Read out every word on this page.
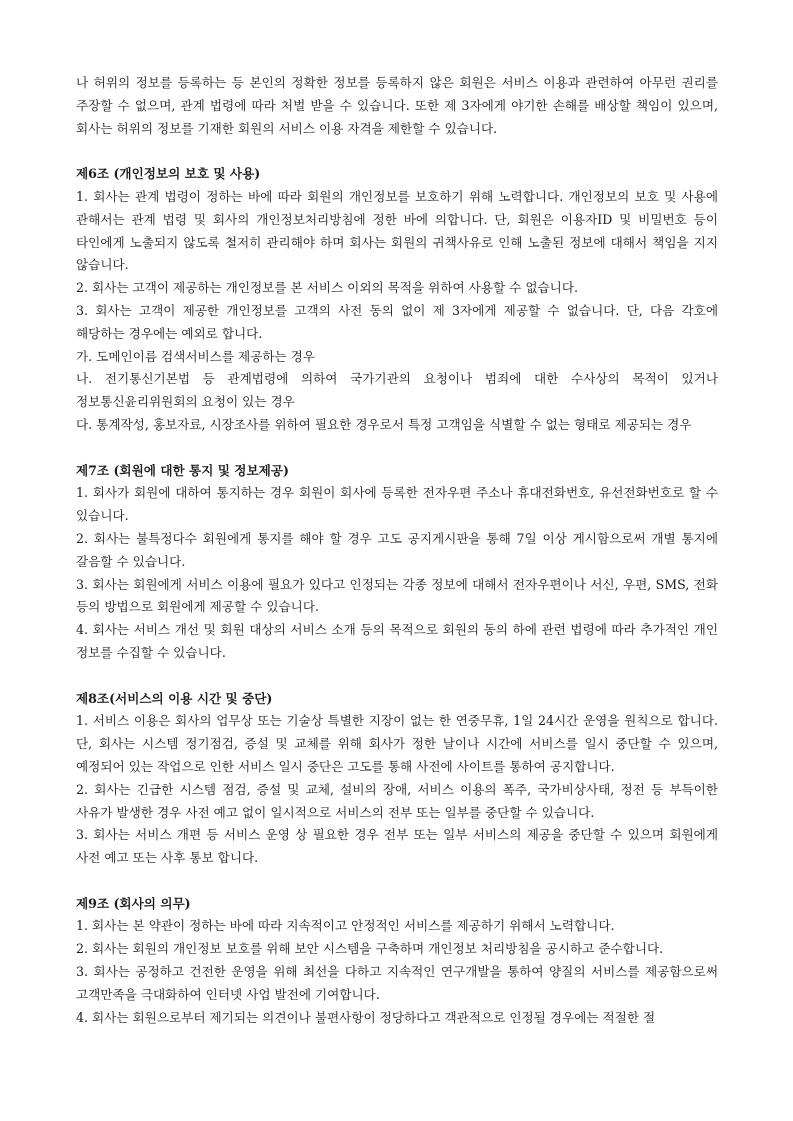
나 허위의 정보를 등록하는 등 본인의 정확한 정보를 등록하지 않은 회원은 서비스 이용과 관련하여 아무런 권리를 주장할 수 없으며, 관계 법령에 따라 처벌 받을 수 있습니다. 또한 제 3자에게 야기한 손해를 배상할 책임이 있으며, 회사는 허위의 정보를 기재한 회원의 서비스 이용 자격을 제한할 수 있습니다.

제6조 (개인정보의 보호 및 사용)

1. 회사는 관계 법령이 정하는 바에 따라 회원의 개인정보를 보호하기 위해 노력합니다. 개인정보의 보호 및 사용에 관해서는 관계 법령 및 회사의 개인정보처리방침에 정한 바에 의합니다. 단, 회원은 이용자ID 및 비밀번호 등이 타인에게 노출되지 않도록 철저히 관리해야 하며 회사는 회원의 귀책사유로 인해 노출된 정보에 대해서 책임을 지지 않습니다.

2. 회사는 고객이 제공하는 개인정보를 본 서비스 이외의 목적을 위하여 사용할 수 없습니다.

3. 회사는 고객이 제공한 개인정보를 고객의 사전 동의 없이 제 3자에게 제공할 수 없습니다. 단, 다음 각호에 해당하는 경우에는 예외로 합니다.

가. 도메인이름 검색서비스를 제공하는 경우

나. 전기통신기본법 등 관계법령에 의하여 국가기관의 요청이나 범죄에 대한 수사상의 목적이 있거나 정보통신윤리위원회의 요청이 있는 경우

다. 통계작성, 홍보자료, 시장조사를 위하여 필요한 경우로서 특정 고객임을 식별할 수 없는 형태로 제공되는 경우

제7조 (회원에 대한 통지 및 정보제공)

1. 회사가 회원에 대하여 통지하는 경우 회원이 회사에 등록한 전자우편 주소나 휴대전화번호, 유선전화번호로 할 수 있습니다.

2. 회사는 불특정다수 회원에게 통지를 해야 할 경우 고도 공지게시판을 통해 7일 이상 게시함으로써 개별 통지에 갈음할 수 있습니다.

3. 회사는 회원에게 서비스 이용에 필요가 있다고 인정되는 각종 정보에 대해서 전자우편이나 서신, 우편, SMS, 전화 등의 방법으로 회원에게 제공할 수 있습니다.

4. 회사는 서비스 개선 및 회원 대상의 서비스 소개 등의 목적으로 회원의 동의 하에 관련 법령에 따라 추가적인 개인 정보를 수집할 수 있습니다.

제8조(서비스의 이용 시간 및 중단)

1. 서비스 이용은 회사의 업무상 또는 기술상 특별한 지장이 없는 한 연중무휴, 1일 24시간 운영을 원칙으로 합니다. 단, 회사는 시스템 정기점검, 증설 및 교체를 위해 회사가 정한 날이나 시간에 서비스를 일시 중단할 수 있으며, 예정되어 있는 작업으로 인한 서비스 일시 중단은 고도를 통해 사전에 사이트를 통하여 공지합니다.

2. 회사는 긴급한 시스템 점검, 증설 및 교체, 설비의 장애, 서비스 이용의 폭주, 국가비상사태, 정전 등 부득이한 사유가 발생한 경우 사전 예고 없이 일시적으로 서비스의 전부 또는 일부를 중단할 수 있습니다.

3. 회사는 서비스 개편 등 서비스 운영 상 필요한 경우 전부 또는 일부 서비스의 제공을 중단할 수 있으며 회원에게 사전 예고 또는 사후 통보 합니다.

제9조 (회사의 의무)

1. 회사는 본 약관이 정하는 바에 따라 지속적이고 안정적인 서비스를 제공하기 위해서 노력합니다.

2. 회사는 회원의 개인정보 보호를 위해 보안 시스템을 구축하며 개인정보 처리방침을 공시하고 준수합니다.

3. 회사는 공정하고 건전한 운영을 위해 최선을 다하고 지속적인 연구개발을 통하여 양질의 서비스를 제공함으로써 고객만족을 극대화하여 인터넷 사업 발전에 기여합니다.

4. 회사는 회원으로부터 제기되는 의견이나 불편사항이 정당하다고 객관적으로 인정될 경우에는 적절한 절
